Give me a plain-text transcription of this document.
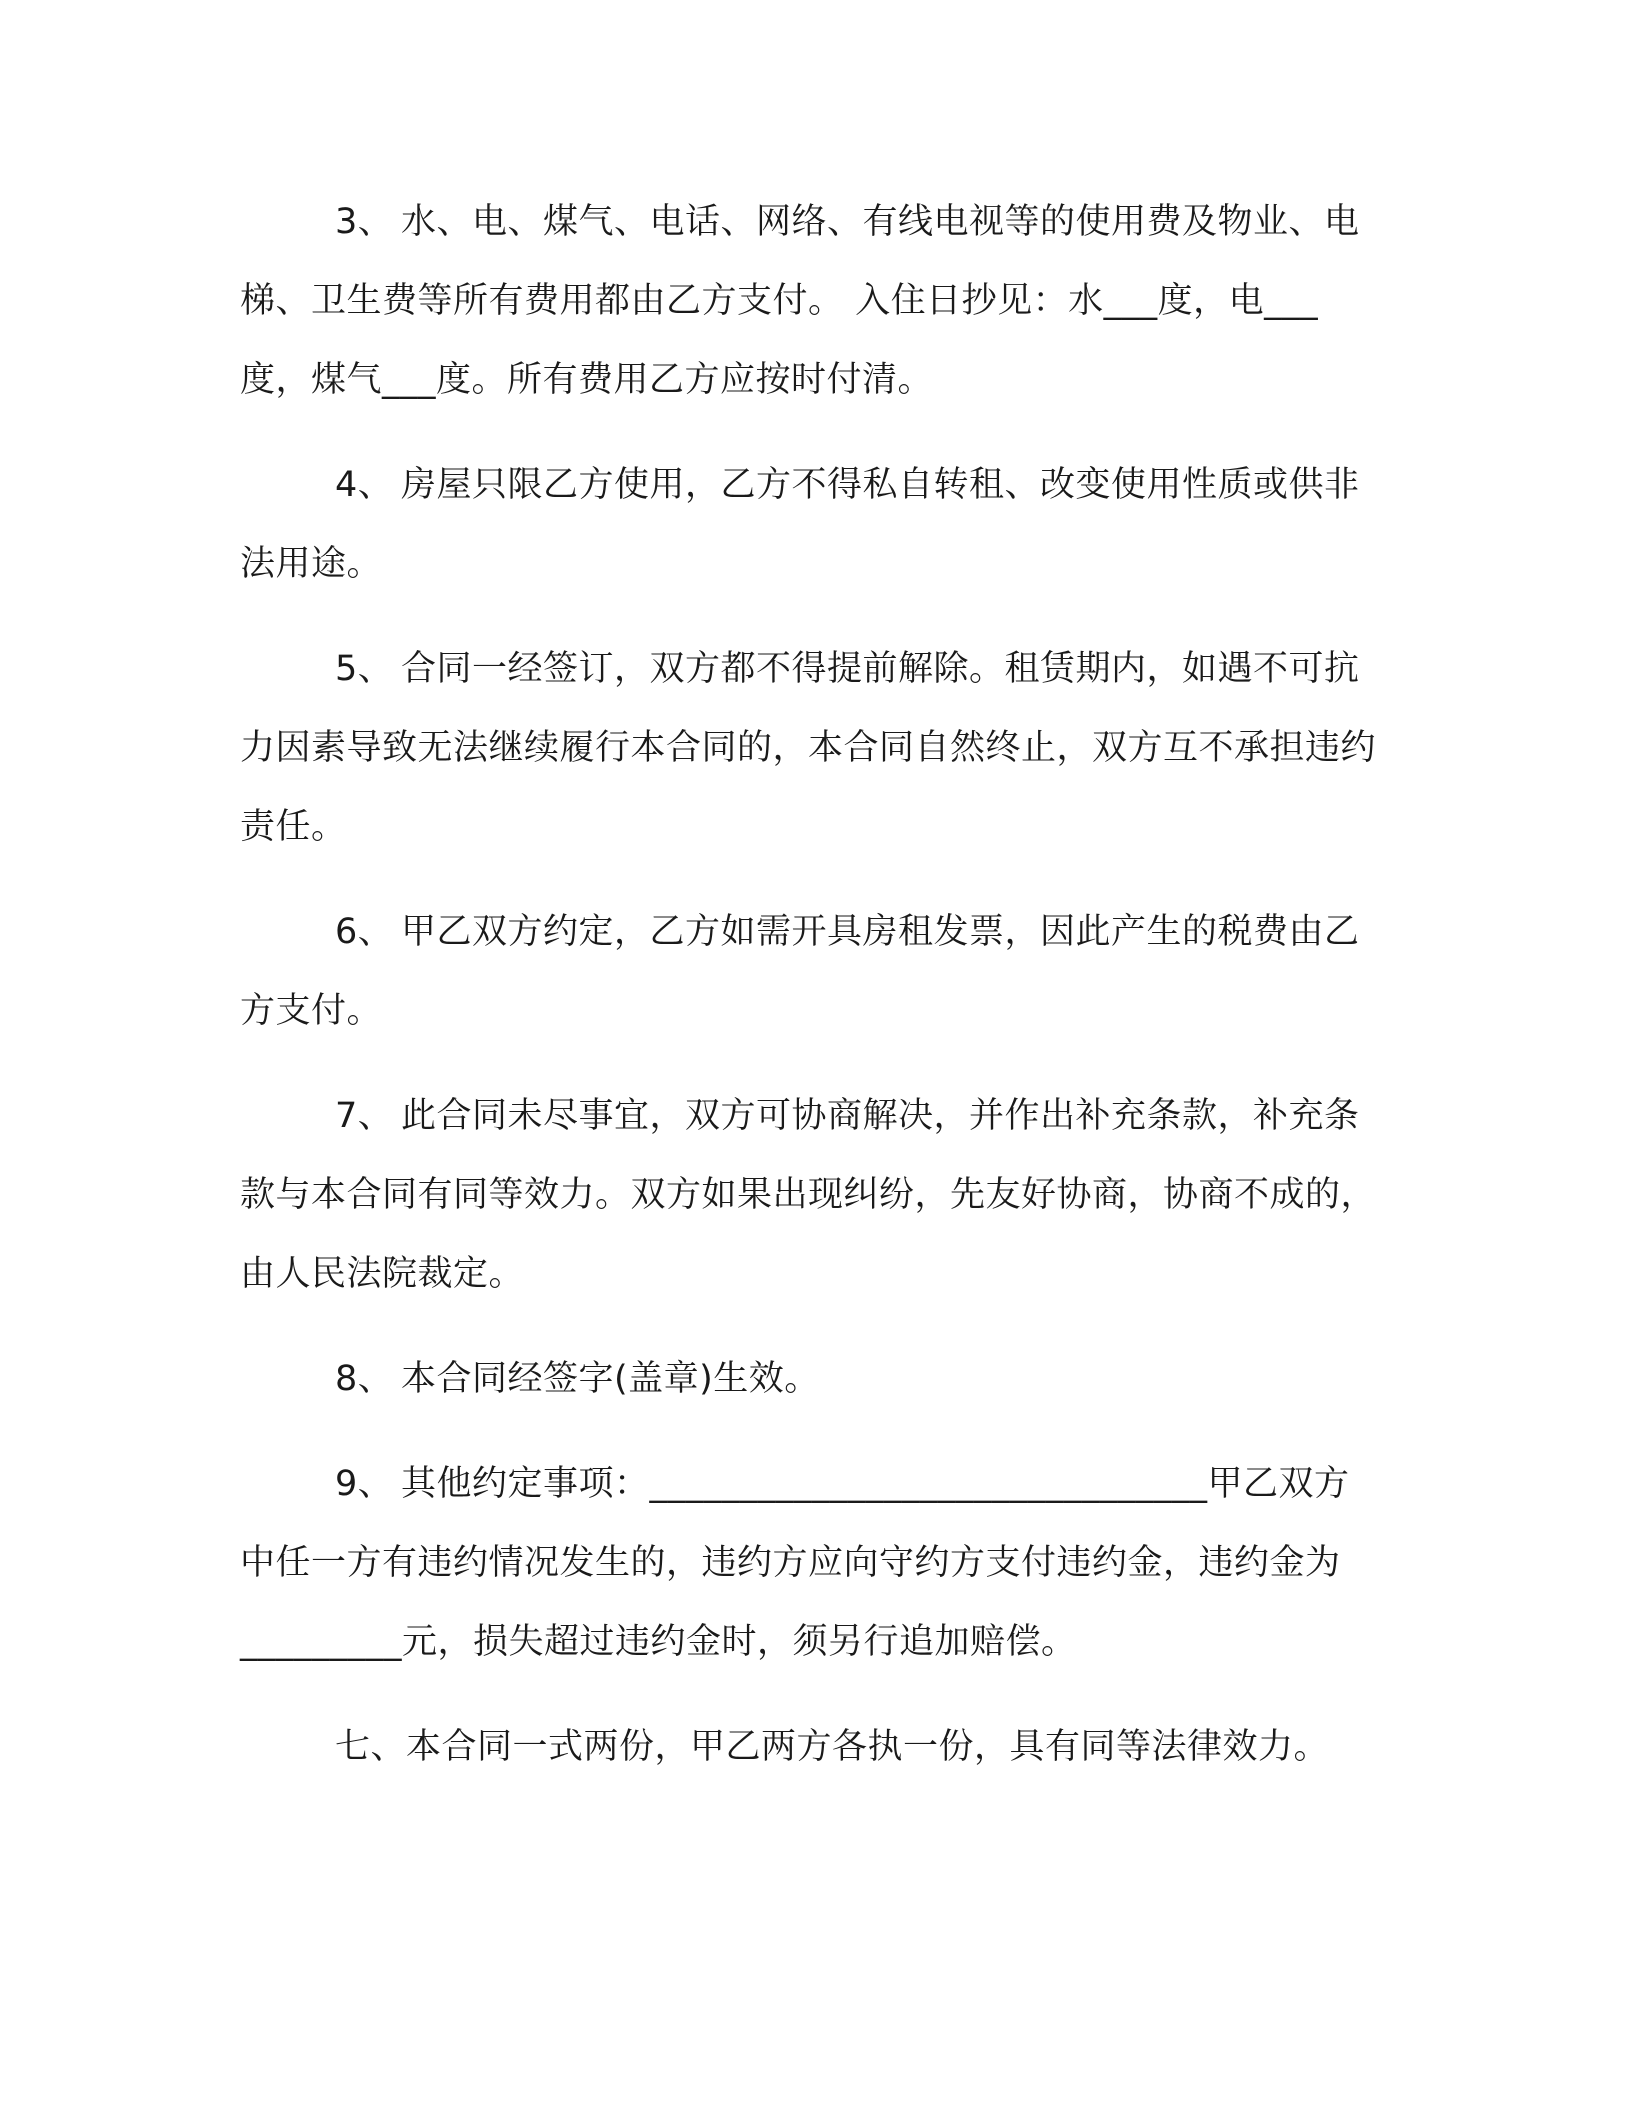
3、 水、电、煤气、电话、网络、有线电视等的使用费及物业、电梯、卫生费等所有费用都由乙方支付。 入住日抄见：水___度，电___度，煤气___度。所有费用乙方应按时付清。

4、 房屋只限乙方使用，乙方不得私自转租、改变使用性质或供非法用途。

5、 合同一经签订，双方都不得提前解除。租赁期内，如遇不可抗力因素导致无法继续履行本合同的，本合同自然终止，双方互不承担违约责任。

6、 甲乙双方约定，乙方如需开具房租发票，因此产生的税费由乙方支付。

7、 此合同未尽事宜，双方可协商解决，并作出补充条款，补充条款与本合同有同等效力。双方如果出现纠纷，先友好协商，协商不成的，由人民法院裁定。

8、 本合同经签字(盖章)生效。

9、 其他约定事项：_______________________________甲乙双方中任一方有违约情况发生的，违约方应向守约方支付违约金，违约金为_________元，损失超过违约金时，须另行追加赔偿。

七、本合同一式两份，甲乙两方各执一份，具有同等法律效力。
